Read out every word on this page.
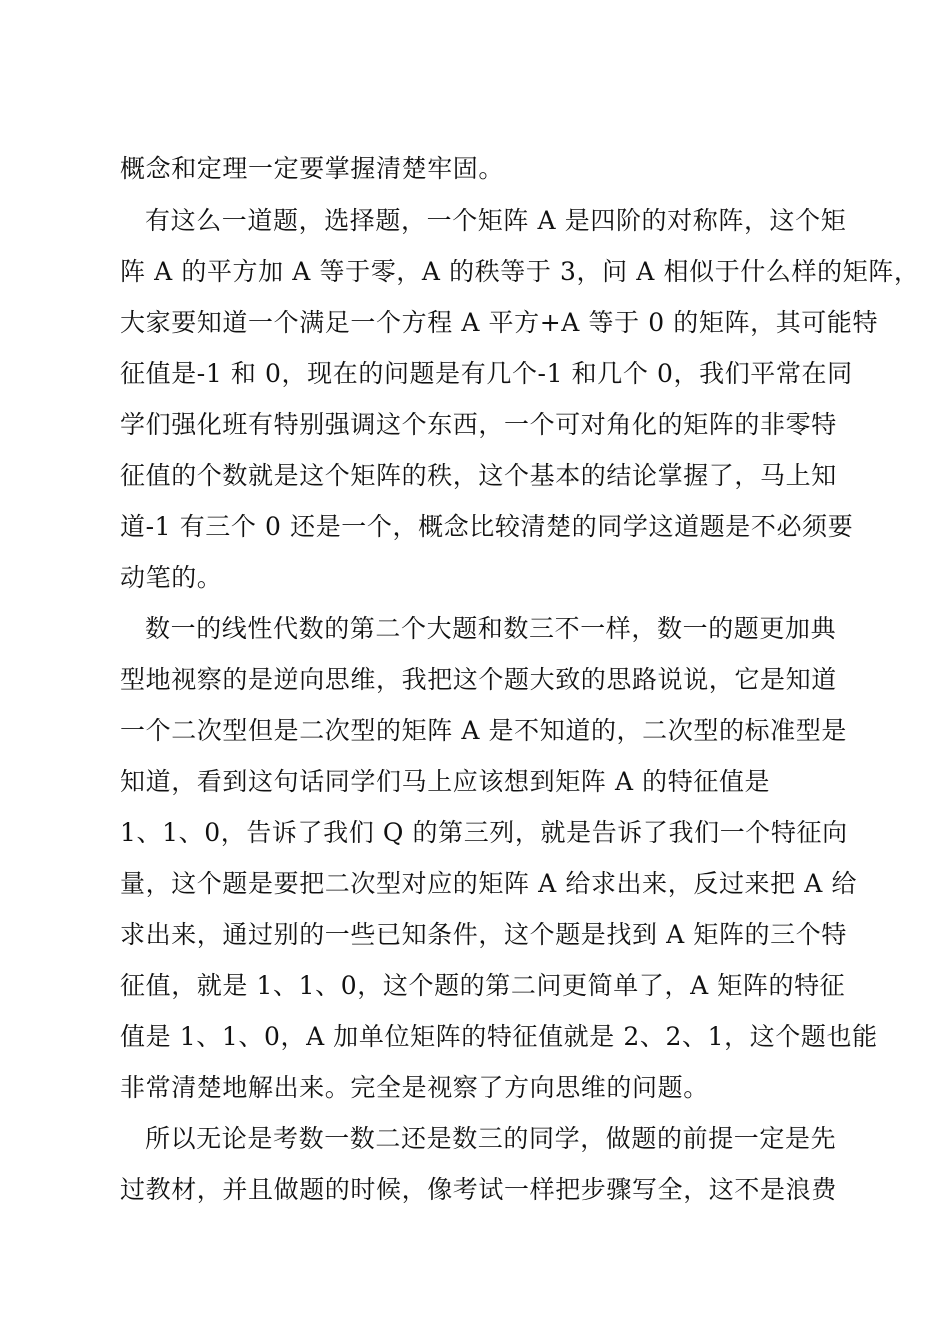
概念和定理一定要掌握清楚牢固。
有这么一道题，选择题，一个矩阵 A 是四阶的对称阵，这个矩
阵 A 的平方加 A 等于零，A 的秩等于 3，问 A 相似于什么样的矩阵，
大家要知道一个满足一个方程 A 平方+A 等于 0 的矩阵，其可能特
征值是-1 和 0，现在的问题是有几个-1 和几个 0，我们平常在同
学们强化班有特别强调这个东西，一个可对角化的矩阵的非零特
征值的个数就是这个矩阵的秩，这个基本的结论掌握了，马上知
道-1 有三个 0 还是一个，概念比较清楚的同学这道题是不必须要
动笔的。
数一的线性代数的第二个大题和数三不一样，数一的题更加典
型地视察的是逆向思维，我把这个题大致的思路说说，它是知道
一个二次型但是二次型的矩阵 A 是不知道的，二次型的标准型是
知道，看到这句话同学们马上应该想到矩阵 A 的特征值是
1、1、0，告诉了我们 Q 的第三列，就是告诉了我们一个特征向
量，这个题是要把二次型对应的矩阵 A 给求出来，反过来把 A 给
求出来，通过别的一些已知条件，这个题是找到 A 矩阵的三个特
征值，就是 1、1、0，这个题的第二问更简单了，A 矩阵的特征
值是 1、1、0，A 加单位矩阵的特征值就是 2、2、1，这个题也能
非常清楚地解出来。完全是视察了方向思维的问题。
所以无论是考数一数二还是数三的同学，做题的前提一定是先
过教材，并且做题的时候，像考试一样把步骤写全，这不是浪费
